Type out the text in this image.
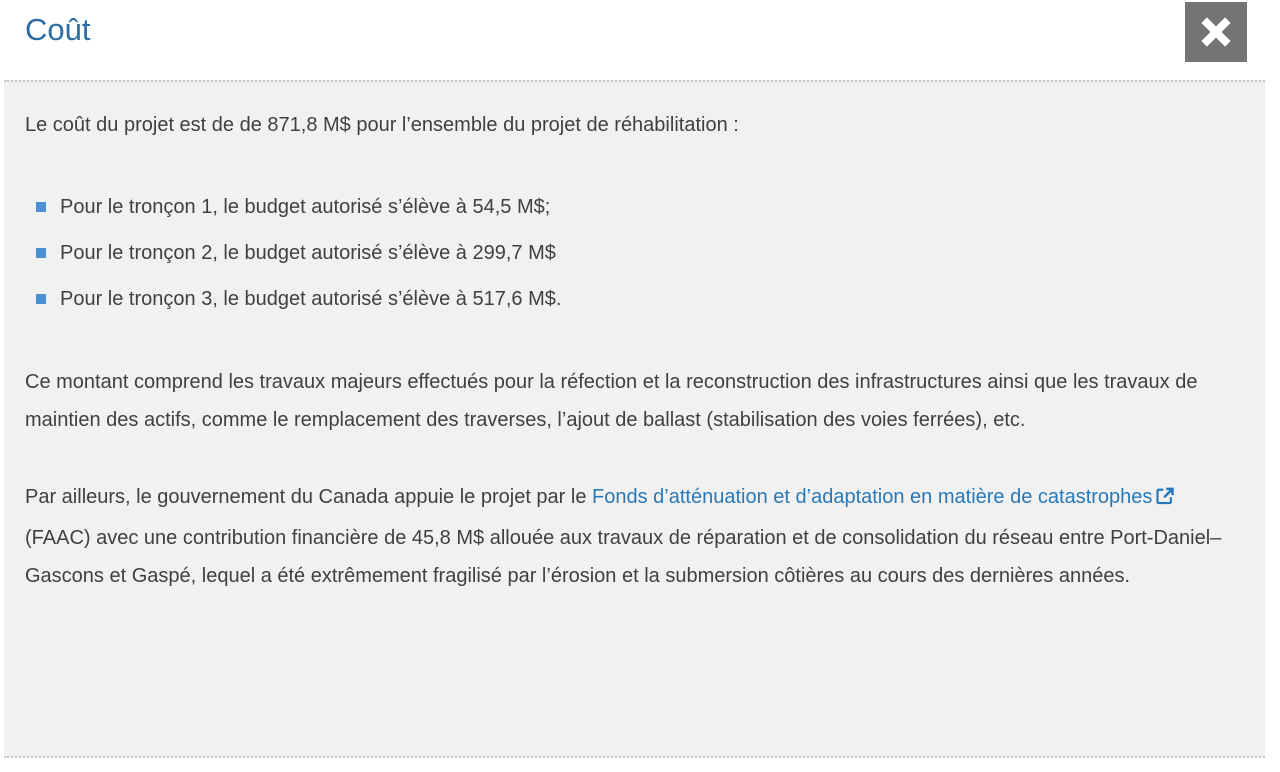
Coût

Le coût du projet est de de 871,8 M$ pour l’ensemble du projet de réhabilitation :

Pour le tronçon 1, le budget autorisé s’élève à 54,5 M$;
Pour le tronçon 2, le budget autorisé s’élève à 299,7 M$
Pour le tronçon 3, le budget autorisé s’élève à 517,6 M$.

Ce montant comprend les travaux majeurs effectués pour la réfection et la reconstruction des infrastructures ainsi que les travaux de maintien des actifs, comme le remplacement des traverses, l’ajout de ballast (stabilisation des voies ferrées), etc.

Par ailleurs, le gouvernement du Canada appuie le projet par le Fonds d’atténuation et d’adaptation en matière de catastrophes (FAAC) avec une contribution financière de 45,8 M$ allouée aux travaux de réparation et de consolidation du réseau entre Port-Daniel–Gascons et Gaspé, lequel a été extrêmement fragilisé par l’érosion et la submersion côtières au cours des dernières années.
